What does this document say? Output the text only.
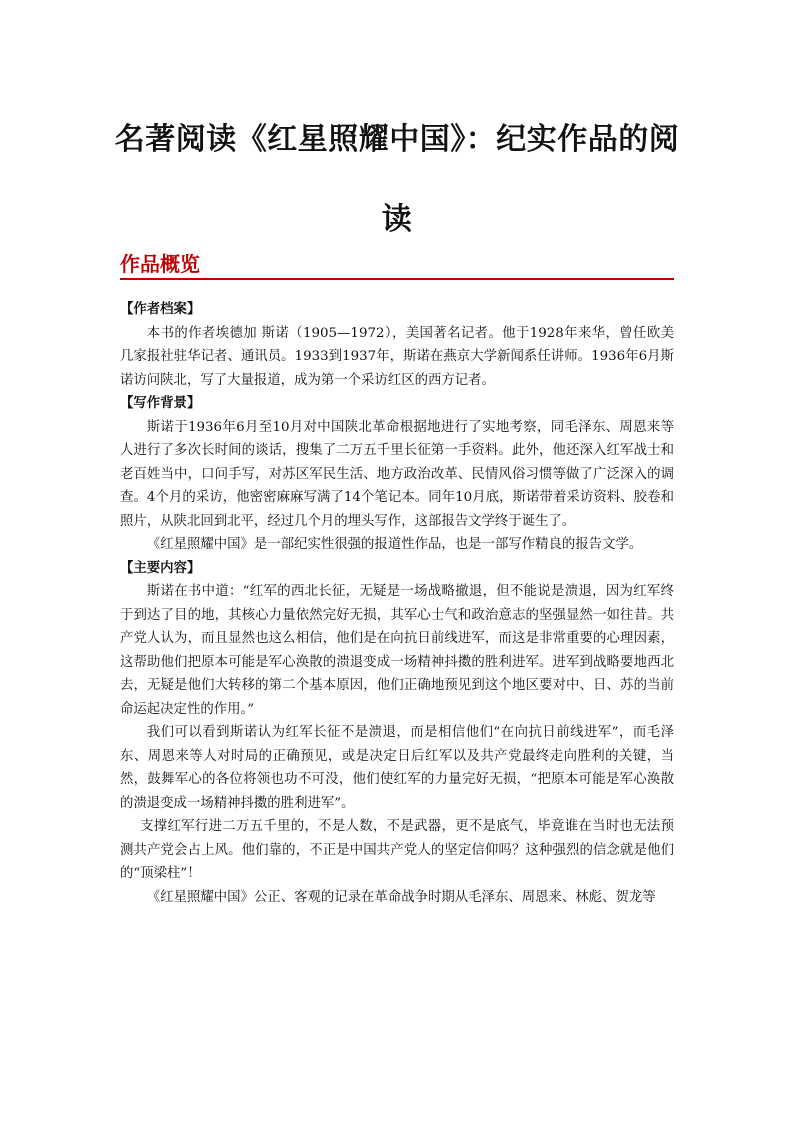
名著阅读《红星照耀中国》：纪实作品的阅读
作品概览

【作者档案】

本书的作者埃德加 斯诺（1905—1972），美国著名记者。他于1928年来华，曾任欧美几家报社驻华记者、通讯员。1933到1937年，斯诺在燕京大学新闻系任讲师。1936年6月斯诺访问陕北，写了大量报道，成为第一个采访红区的西方记者。

【写作背景】

斯诺于1936年6月至10月对中国陕北革命根据地进行了实地考察，同毛泽东、周恩来等人进行了多次长时间的谈话，搜集了二万五千里长征第一手资料。此外，他还深入红军战士和老百姓当中，口问手写，对苏区军民生活、地方政治改革、民情风俗习惯等做了广泛深入的调查。4个月的采访，他密密麻麻写满了14个笔记本。同年10月底，斯诺带着采访资料、胶卷和照片，从陕北回到北平，经过几个月的埋头写作，这部报告文学终于诞生了。

《红星照耀中国》是一部纪实性很强的报道性作品，也是一部写作精良的报告文学。

【主要内容】

斯诺在书中道：“红军的西北长征，无疑是一场战略撤退，但不能说是溃退，因为红军终于到达了目的地，其核心力量依然完好无损，其军心士气和政治意志的坚强显然一如往昔。共产党人认为，而且显然也这么相信，他们是在向抗日前线进军，而这是非常重要的心理因素，这帮助他们把原本可能是军心涣散的溃退变成一场精神抖擞的胜利进军。进军到战略要地西北去，无疑是他们大转移的第二个基本原因，他们正确地预见到这个地区要对中、日、苏的当前命运起决定性的作用。”

我们可以看到斯诺认为红军长征不是溃退，而是相信他们“在向抗日前线进军”，而毛泽东、周恩来等人对时局的正确预见，或是决定日后红军以及共产党最终走向胜利的关键，当然，鼓舞军心的各位将领也功不可没，他们使红军的力量完好无损，“把原本可能是军心涣散的溃退变成一场精神抖擞的胜利进军”。

支撑红军行进二万五千里的，不是人数，不是武器，更不是底气，毕竟谁在当时也无法预测共产党会占上风。他们靠的，不正是中国共产党人的坚定信仰吗？这种强烈的信念就是他们的“顶梁柱”！

《红星照耀中国》公正、客观的记录在革命战争时期从毛泽东、周恩来、林彪、贺龙等
